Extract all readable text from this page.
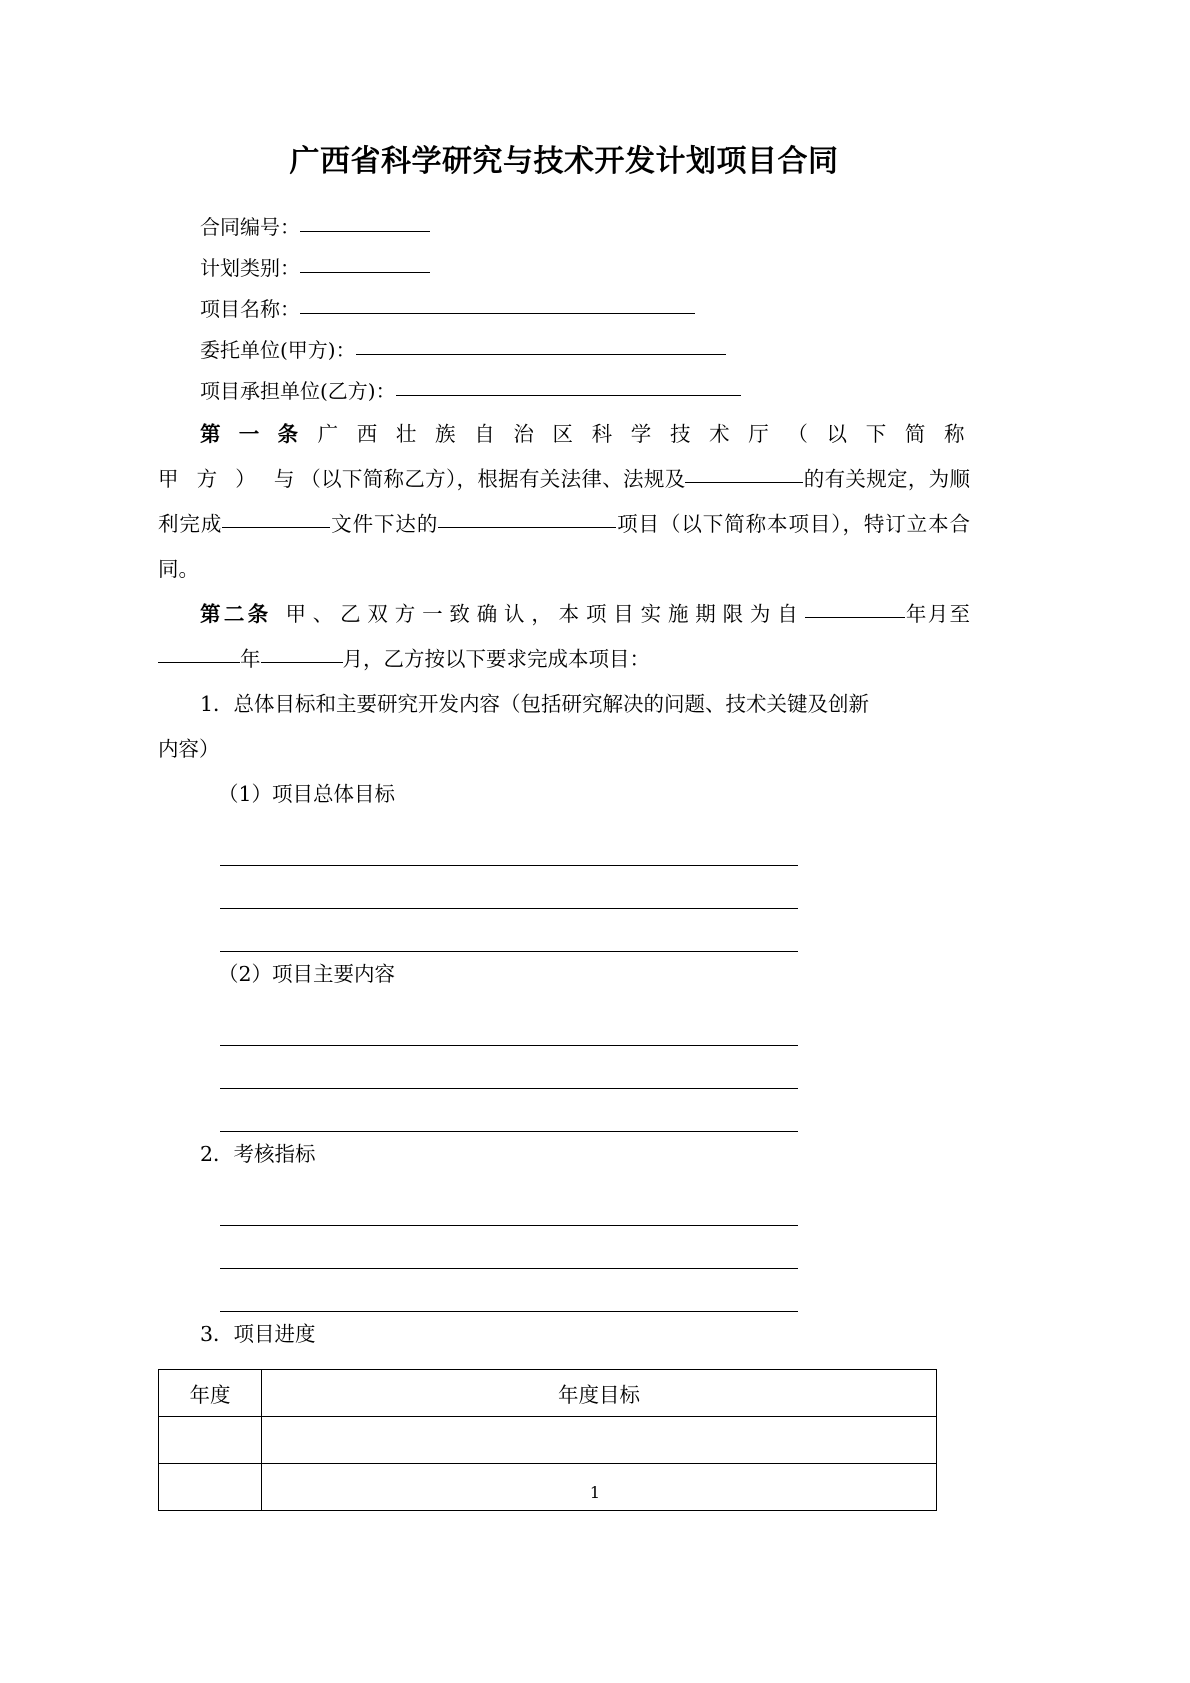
广西省科学研究与技术开发计划项目合同
合同编号：
计划类别：
项目名称：
委托单位(甲方)：
项目承担单位(乙方)：

第 一 条 广 西 壮 族 自 治 区 科 学 技 术 厅 （ 以 下 简 称 甲 方 ） 与（以下简称乙方），根据有关法律、法规及	的有关规定，为顺利完成	文件下达的	项目（以下简称本项目），特订立本合同。

第二条 甲、乙双方一致确认，本项目实施期限为自	年月至年	月，乙方按以下要求完成本项目：

1．总体目标和主要研究开发内容（包括研究解决的问题、技术关键及创新

内容）

（1）项目总体目标

（2）项目主要内容

2．考核指标

3．项目进度

年度	年度目标

1
